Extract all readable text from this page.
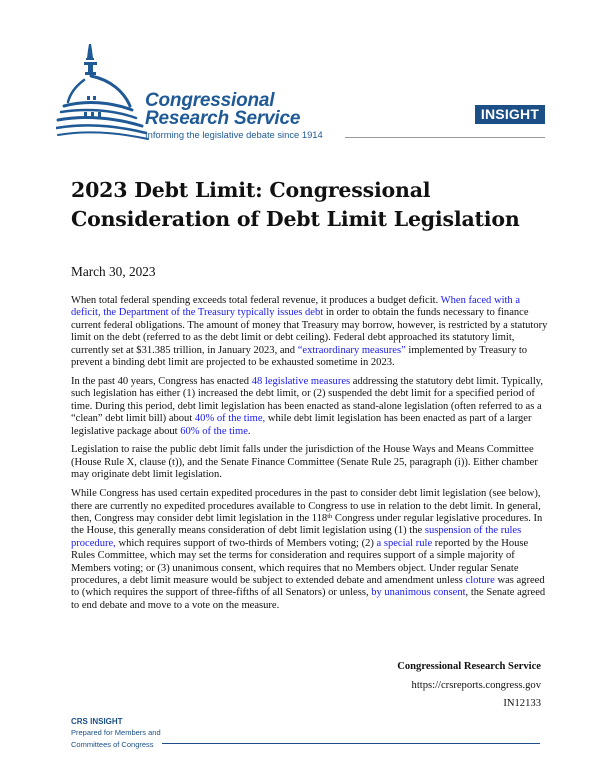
Congressional
Research Service
Informing the legislative debate since 1914
INSIGHT
2023 Debt Limit: Congressional Consideration of Debt Limit Legislation
March 30, 2023

When total federal spending exceeds total federal revenue, it produces a budget deficit. When faced with a deficit, the Department of the Treasury typically issues debt in order to obtain the funds necessary to finance current federal obligations. The amount of money that Treasury may borrow, however, is restricted by a statutory limit on the debt (referred to as the debt limit or debt ceiling). Federal debt approached its statutory limit, currently set at $31.385 trillion, in January 2023, and “extraordinary measures” implemented by Treasury to prevent a binding debt limit are projected to be exhausted sometime in 2023.

In the past 40 years, Congress has enacted 48 legislative measures addressing the statutory debt limit. Typically, such legislation has either (1) increased the debt limit, or (2) suspended the debt limit for a specified period of time. During this period, debt limit legislation has been enacted as stand-alone legislation (often referred to as a “clean” debt limit bill) about 40% of the time, while debt limit legislation has been enacted as part of a larger legislative package about 60% of the time.

Legislation to raise the public debt limit falls under the jurisdiction of the House Ways and Means Committee (House Rule X, clause (t)), and the Senate Finance Committee (Senate Rule 25, paragraph (i)). Either chamber may originate debt limit legislation.

While Congress has used certain expedited procedures in the past to consider debt limit legislation (see below), there are currently no expedited procedures available to Congress to use in relation to the debt limit. In general, then, Congress may consider debt limit legislation in the 118th Congress under regular legislative procedures. In the House, this generally means consideration of debt limit legislation using (1) the suspension of the rules procedure, which requires support of two-thirds of Members voting; (2) a special rule reported by the House Rules Committee, which may set the terms for consideration and requires support of a simple majority of Members voting; or (3) unanimous consent, which requires that no Members object. Under regular Senate procedures, a debt limit measure would be subject to extended debate and amendment unless cloture was agreed to (which requires the support of three-fifths of all Senators) or unless, by unanimous consent, the Senate agreed to end debate and move to a vote on the measure.

Congressional Research Service
https://crsreports.congress.gov
IN12133
CRS INSIGHT
Prepared for Members and
Committees of Congress
